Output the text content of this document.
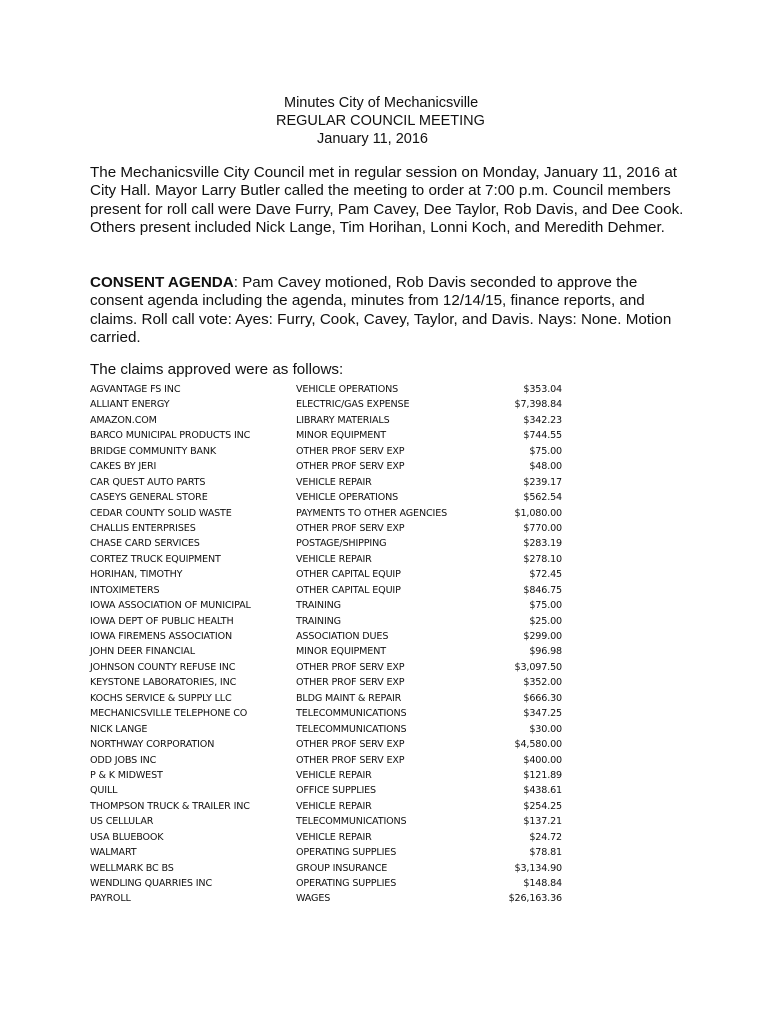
Minutes City of Mechanicsville
REGULAR COUNCIL MEETING
January 11, 2016
The Mechanicsville City Council met in regular session on Monday, January 11, 2016 at City Hall. Mayor Larry Butler called the meeting to order at 7:00 p.m. Council members present for roll call were Dave Furry, Pam Cavey, Dee Taylor, Rob Davis, and Dee Cook. Others present included Nick Lange, Tim Horihan, Lonni Koch, and Meredith Dehmer.
CONSENT AGENDA: Pam Cavey motioned, Rob Davis seconded to approve the consent agenda including the agenda, minutes from 12/14/15, finance reports, and claims. Roll call vote: Ayes: Furry, Cook, Cavey, Taylor, and Davis. Nays: None. Motion carried.
The claims approved were as follows:
AGVANTAGE FS INC	VEHICLE OPERATIONS	$353.04
ALLIANT ENERGY	ELECTRIC/GAS EXPENSE	$7,398.84
AMAZON.COM	LIBRARY MATERIALS	$342.23
BARCO MUNICIPAL PRODUCTS INC	MINOR EQUIPMENT	$744.55
BRIDGE COMMUNITY BANK	OTHER PROF SERV EXP	$75.00
CAKES BY JERI	OTHER PROF SERV EXP	$48.00
CAR QUEST AUTO PARTS	VEHICLE REPAIR	$239.17
CASEYS GENERAL STORE	VEHICLE OPERATIONS	$562.54
CEDAR COUNTY SOLID WASTE	PAYMENTS TO OTHER AGENCIES	$1,080.00
CHALLIS ENTERPRISES	OTHER PROF SERV EXP	$770.00
CHASE CARD SERVICES	POSTAGE/SHIPPING	$283.19
CORTEZ TRUCK EQUIPMENT	VEHICLE REPAIR	$278.10
HORIHAN, TIMOTHY	OTHER CAPITAL EQUIP	$72.45
INTOXIMETERS	OTHER CAPITAL EQUIP	$846.75
IOWA ASSOCIATION OF MUNICIPAL	TRAINING	$75.00
IOWA DEPT OF PUBLIC HEALTH	TRAINING	$25.00
IOWA FIREMENS ASSOCIATION	ASSOCIATION DUES	$299.00
JOHN DEER FINANCIAL	MINOR EQUIPMENT	$96.98
JOHNSON COUNTY REFUSE INC	OTHER PROF SERV EXP	$3,097.50
KEYSTONE LABORATORIES, INC	OTHER PROF SERV EXP	$352.00
KOCHS SERVICE & SUPPLY LLC	BLDG MAINT & REPAIR	$666.30
MECHANICSVILLE TELEPHONE CO	TELECOMMUNICATIONS	$347.25
NICK LANGE	TELECOMMUNICATIONS	$30.00
NORTHWAY CORPORATION	OTHER PROF SERV EXP	$4,580.00
ODD JOBS INC	OTHER PROF SERV EXP	$400.00
P & K MIDWEST	VEHICLE REPAIR	$121.89
QUILL	OFFICE SUPPLIES	$438.61
THOMPSON TRUCK & TRAILER INC	VEHICLE REPAIR	$254.25
US CELLULAR	TELECOMMUNICATIONS	$137.21
USA BLUEBOOK	VEHICLE REPAIR	$24.72
WALMART	OPERATING SUPPLIES	$78.81
WELLMARK BC BS	GROUP INSURANCE	$3,134.90
WENDLING QUARRIES INC	OPERATING SUPPLIES	$148.84
PAYROLL	WAGES	$26,163.36
